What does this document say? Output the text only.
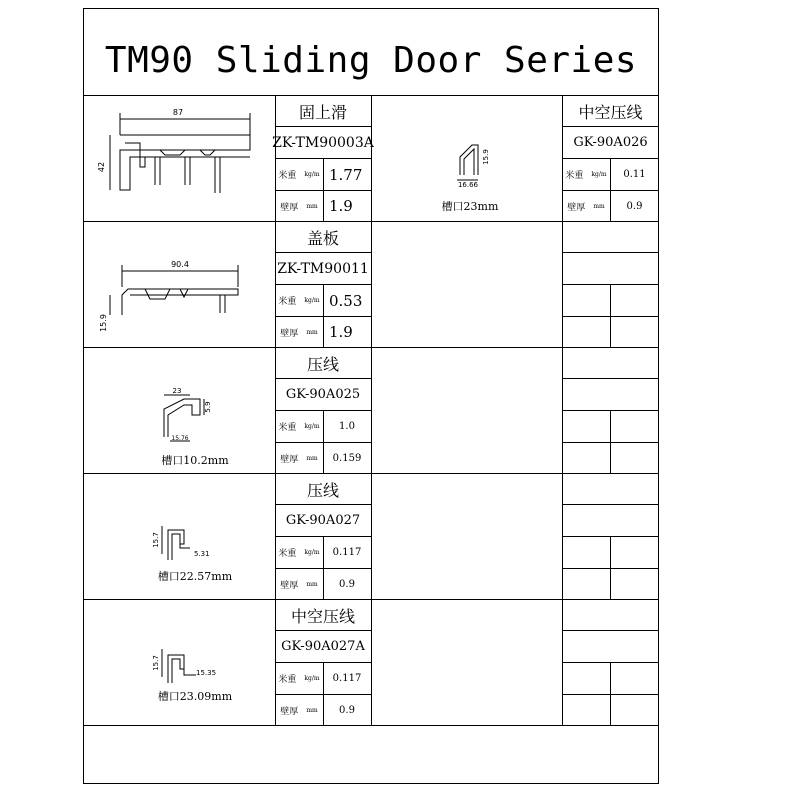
TM90 Sliding Door Series
87
42
固上滑
ZK-TM90003A
米重 kg/m 1.77
壁厚 mm 1.9
16.66
15.9
槽口23mm
中空压线
GK-90A026
米重 kg/m	0.11
壁厚 mm	0.9
90.4
15.9
盖板
ZK-TM90011
米重 kg/m 0.53
壁厚 mm 1.9
23
5.9
15.76
槽口10.2mm
压线
GK-90A025
米重 kg/m	1.0
壁厚 mm	0.159
15.7
5.31
槽口22.57mm
压线
GK-90A027
米重 kg/m	0.117
壁厚 mm	0.9
15.7
15.35
槽口23.09mm
中空压线
GK-90A027A
米重 kg/m	0.117
壁厚 mm	0.9
